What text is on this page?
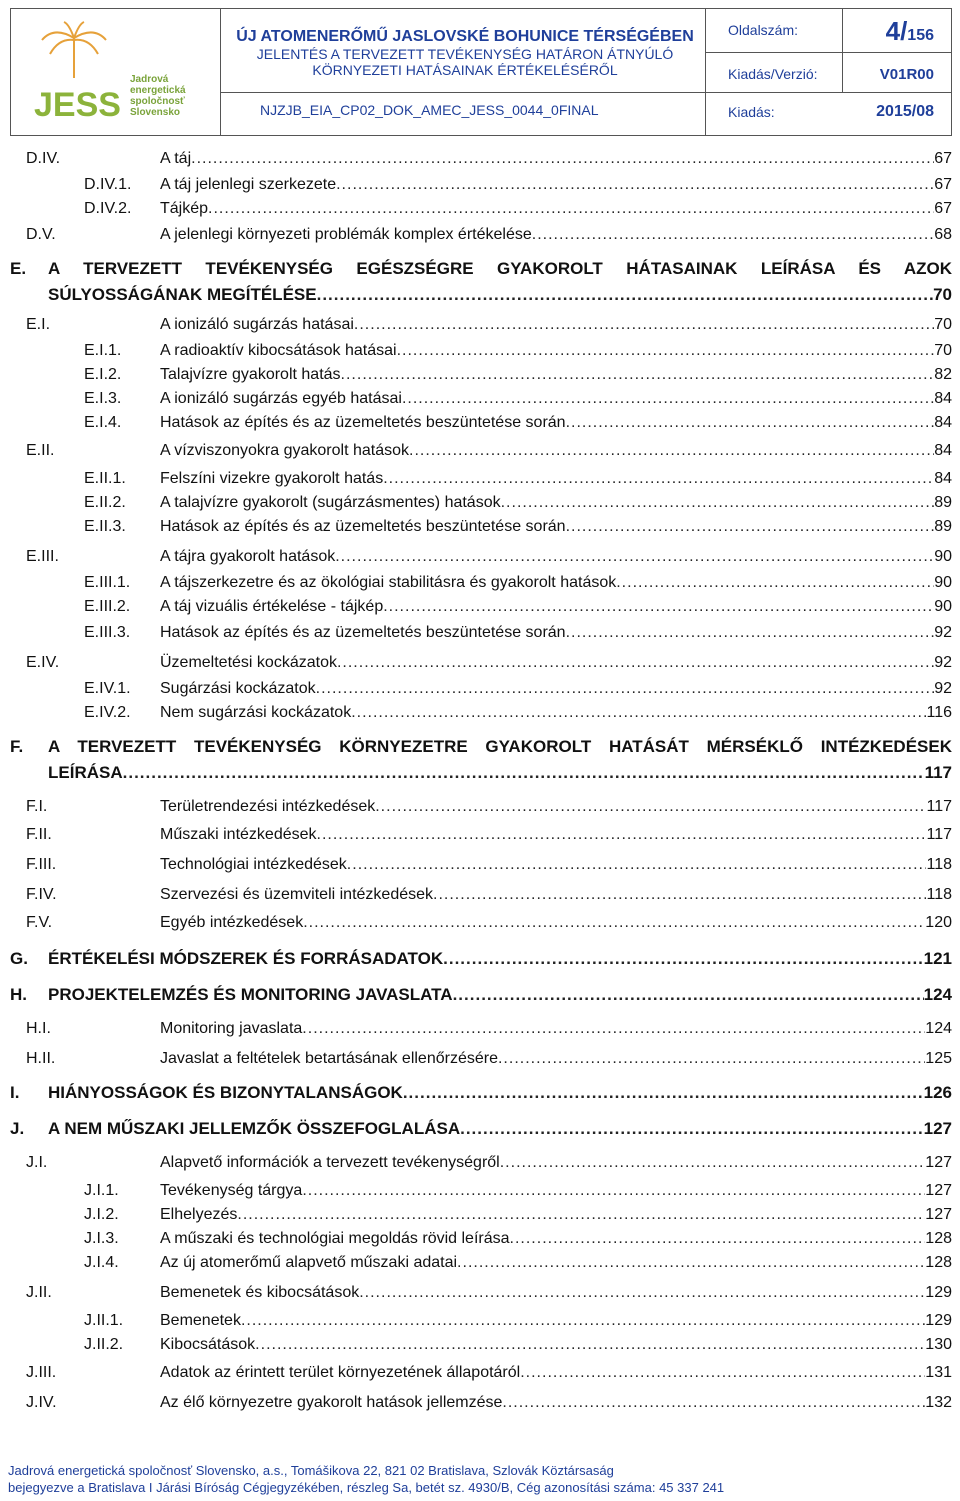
JESS
Jadrová
energetická
spoločnosť
Slovensko
ÚJ ATOMENERŐMŰ JASLOVSKÉ BOHUNICE TÉRSÉGÉBEN
JELENTÉS A TERVEZETT TEVÉKENYSÉG HATÁRON ÁTNYÚLÓ
KÖRNYEZETI HATÁSAINAK ÉRTÉKELÉSÉRŐL
NJZJB_EIA_CP02_DOK_AMEC_JESS_0044_0FINAL
Oldalszám:	4/156
Kiadás/Verzió:	V01R00
Kiadás:	2015/08
D.IV.	A táj .....	67
D.IV.1. A táj jelenlegi szerkezete .....	67
D.IV.2. Tájkép .....	67
D.V.	A jelenlegi környezeti problémák komplex értékelése .....	68
E. A TERVEZETT TEVÉKENYSÉG EGÉSZSÉGRE GYAKOROLT HÁTASAINAK LEÍRÁSA ÉS AZOK
SÚLYOSSÁGÁNAK MEGÍTÉLÉSE .....	70
E.I.	A ionizáló sugárzás hatásai .....	70
E.I.1. A radioaktív kibocsátások hatásai .....	70
E.I.2. Talajvízre gyakorolt hatás .....	82
E.I.3. A ionizáló sugárzás egyéb hatásai .....	84
E.I.4. Hatások az építés és az üzemeltetés beszüntetése során .....	84
E.II.	A vízviszonyokra gyakorolt hatások .....	84
E.II.1. Felszíni vizekre gyakorolt hatás .....	84
E.II.2. A talajvízre gyakorolt (sugárzásmentes) hatások .....	89
E.II.3. Hatások az építés és az üzemeltetés beszüntetése során .....	89
E.III.	A tájra gyakorolt hatások .....	90
E.III.1. A tájszerkezetre és az ökológiai stabilitásra és gyakorolt hatások .....	90
E.III.2. A táj vizuális értékelése - tájkép .....	90
E.III.3. Hatások az építés és az üzemeltetés beszüntetése során .....	92
E.IV.	Üzemeltetési kockázatok .....	92
E.IV.1. Sugárzási kockázatok .....	92
E.IV.2. Nem sugárzási kockázatok .....	116
F. A TERVEZETT TEVÉKENYSÉG KÖRNYEZETRE GYAKOROLT HATÁSÁT MÉRSÉKLŐ INTÉZKEDÉSEK
LEÍRÁSA .....	117
F.I.	Területrendezési intézkedések .....	117
F.II.	Műszaki intézkedések .....	117
F.III.	Technológiai intézkedések .....	118
F.IV.	Szervezési és üzemviteli intézkedések .....	118
F.V.	Egyéb intézkedések .....	120
G. ÉRTÉKELÉSI MÓDSZEREK ÉS FORRÁSADATOK .....	121
H. PROJEKTELEMZÉS ÉS MONITORING JAVASLATA .....	124
H.I.	Monitoring javaslata .....	124
H.II.	Javaslat a feltételek betartásának ellenőrzésére .....	125
I. HIÁNYOSSÁGOK ÉS BIZONYTALANSÁGOK .....	126
J. A NEM MŰSZAKI JELLEMZŐK ÖSSZEFOGLALÁSA .....	127
J.I.	Alapvető információk a tervezett tevékenységről .....	127
J.I.1.	Tevékenység tárgya .....	127
J.I.2.	Elhelyezés .....	127
J.I.3.	A műszaki és technológiai megoldás rövid leírása .....	128
J.I.4.	Az új atomerőmű alapvető műszaki adatai .....	128
J.II.	Bemenetek és kibocsátások .....	129
J.II.1. Bemenetek .....	129
J.II.2. Kibocsátások .....	130
J.III.	Adatok az érintett terület környezetének állapotáról .....	131
J.IV.	Az élő környezetre gyakorolt hatások jellemzése .....	132
Jadrová energetická spoločnosť Slovensko, a.s., Tomášikova 22, 821 02 Bratislava, Szlovák Köztársaság
bejegyezve a Bratislava I Járási Bíróság Cégjegyzékében, részleg Sa, betét sz. 4930/B, Cég azonosítási száma: 45 337 241
